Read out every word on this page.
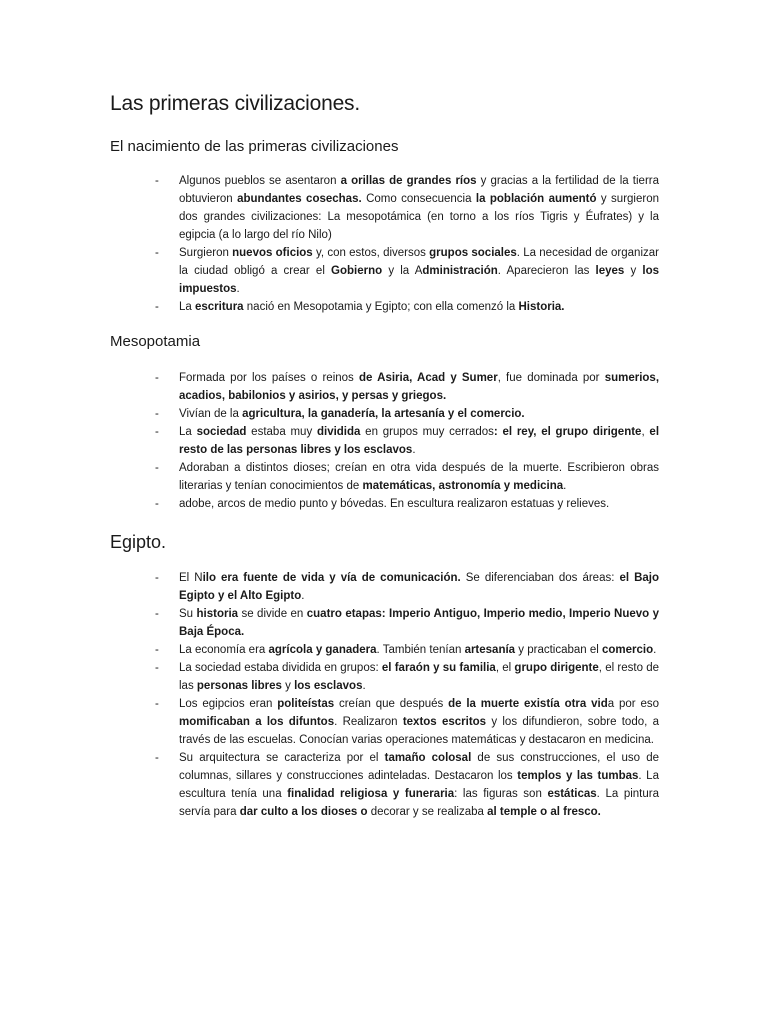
Las primeras civilizaciones.
El nacimiento de las primeras civilizaciones
- Algunos pueblos se asentaron a orillas de grandes ríos y gracias a la fertilidad de la tierra obtuvieron abundantes cosechas. Como consecuencia la población aumentó y surgieron dos grandes civilizaciones: La mesopotámica (en torno a los ríos Tigris y Éufrates) y la egipcia (a lo largo del río Nilo)
- Surgieron nuevos oficios y, con estos, diversos grupos sociales. La necesidad de organizar la ciudad obligó a crear el Gobierno y la Administración. Aparecieron las leyes y los impuestos.
- La escritura nació en Mesopotamia y Egipto; con ella comenzó la Historia.
Mesopotamia
- Formada por los países o reinos de Asiria, Acad y Sumer, fue dominada por sumerios, acadios, babilonios y asirios, y persas y griegos.
- Vivían de la agricultura, la ganadería, la artesanía y el comercio.
- La sociedad estaba muy dividida en grupos muy cerrados: el rey, el grupo dirigente, el resto de las personas libres y los esclavos.
- Adoraban a distintos dioses; creían en otra vida después de la muerte. Escribieron obras literarias y tenían conocimientos de matemáticas, astronomía y medicina.
- adobe, arcos de medio punto y bóvedas. En escultura realizaron estatuas y relieves.
Egipto.
- El Nilo era fuente de vida y vía de comunicación. Se diferenciaban dos áreas: el Bajo Egipto y el Alto Egipto.
- Su historia se divide en cuatro etapas: Imperio Antiguo, Imperio medio, Imperio Nuevo y Baja Época.
- La economía era agrícola y ganadera. También tenían artesanía y practicaban el comercio.
- La sociedad estaba dividida en grupos: el faraón y su familia, el grupo dirigente, el resto de las personas libres y los esclavos.
- Los egipcios eran politeístas creían que después de la muerte existía otra vida por eso momificaban a los difuntos. Realizaron textos escritos y los difundieron, sobre todo, a través de las escuelas. Conocían varias operaciones matemáticas y destacaron en medicina.
- Su arquitectura se caracteriza por el tamaño colosal de sus construcciones, el uso de columnas, sillares y construcciones adinteladas. Destacaron los templos y las tumbas. La escultura tenía una finalidad religiosa y funeraria: las figuras son estáticas. La pintura servía para dar culto a los dioses o decorar y se realizaba al temple o al fresco.
